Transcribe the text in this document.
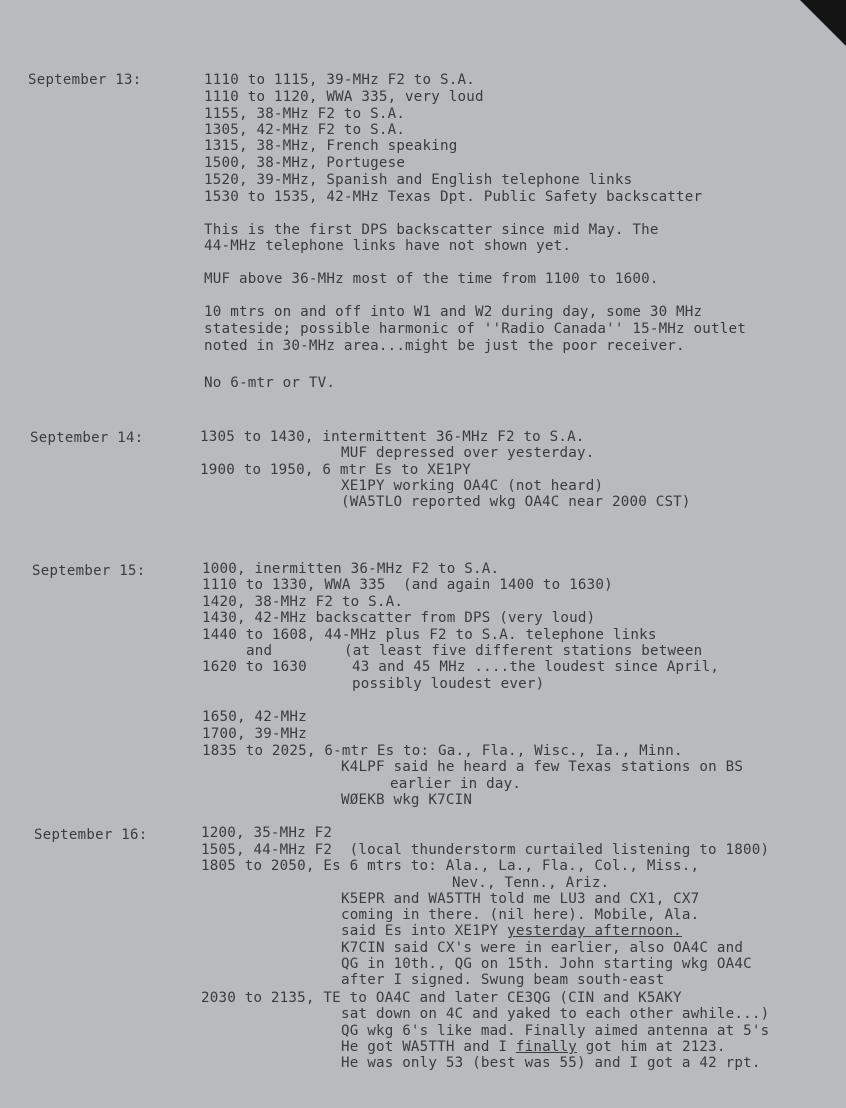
September 13:	1110 to 1115, 39-MHz F2 to S.A.
1110 to 1120, WWA 335, very loud
1155, 38-MHz F2 to S.A.
1305, 42-MHz F2 to S.A.
1315, 38-MHz, French speaking
1500, 38-MHz, Portugese
1520, 39-MHz, Spanish and English telephone links
1530 to 1535, 42-MHz Texas Dpt. Public Safety backscatter
This is the first DPS backscatter since mid May. The
44-MHz telephone links have not shown yet.
MUF above 36-MHz most of the time from 1100 to 1600.
10 mtrs on and off into W1 and W2 during day, some 30 MHz
stateside; possible harmonic of ''Radio Canada'' 15-MHz outlet
noted in 30-MHz area...might be just the poor receiver.
No 6-mtr or TV.
September 14:	1305 to 1430, intermittent 36-MHz F2 to S.A.
MUF depressed over yesterday.
1900 to 1950, 6 mtr Es to XE1PY
XE1PY working OA4C (not heard)
(WA5TLO reported wkg OA4C near 2000 CST)
September 15:	1000, inermitten 36-MHz F2 to S.A.
1110 to 1330, WWA 335  (and again 1400 to 1630)
1420, 38-MHz F2 to S.A.
1430, 42-MHz backscatter from DPS (very loud)
1440 to 1608, 44-MHz plus F2 to S.A. telephone links
and	(at least five different stations between
1620 to 1630	43 and 45 MHz ....the loudest since April,
possibly loudest ever)
1650, 42-MHz
1700, 39-MHz
1835 to 2025, 6-mtr Es to: Ga., Fla., Wisc., Ia., Minn.
K4LPF said he heard a few Texas stations on BS
earlier in day.
WØEKB wkg K7CIN
September 16:	1200, 35-MHz F2
1505, 44-MHz F2  (local thunderstorm curtailed listening to 1800)
1805 to 2050, Es 6 mtrs to: Ala., La., Fla., Col., Miss.,
Nev., Tenn., Ariz.
K5EPR and WA5TTH told me LU3 and CX1, CX7
coming in there. (nil here). Mobile, Ala.
said Es into XE1PY yesterday afternoon.
K7CIN said CX's were in earlier, also OA4C and
QG in 10th., QG on 15th. John starting wkg OA4C
after I signed. Swung beam south-east
2030 to 2135, TE to OA4C and later CE3QG (CIN and K5AKY
sat down on 4C and yaked to each other awhile...)
QG wkg 6's like mad. Finally aimed antenna at 5's
He got WA5TTH and I finally got him at 2123.
He was only 53 (best was 55) and I got a 42 rpt.
